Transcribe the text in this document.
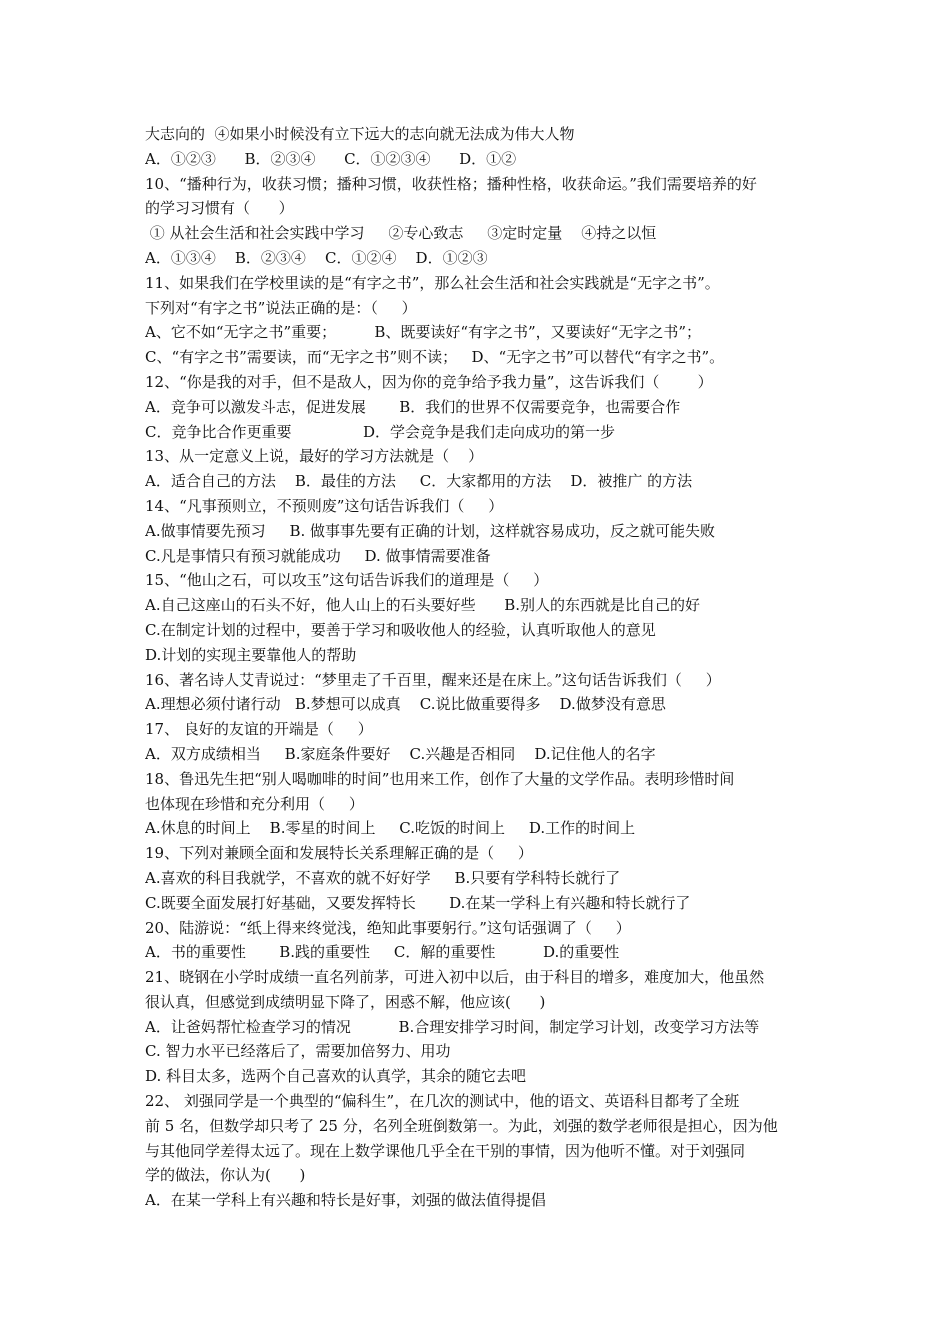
大志向的  ④如果小时候没有立下远大的志向就无法成为伟大人物
A．①②③      B．②③④      C．①②③④      D．①②
10、“播种行为，收获习惯；播种习惯，收获性格；播种性格，收获命运。”我们需要培养的好
的学习习惯有（      ）
① 从社会生活和社会实践中学习     ②专心致志     ③定时定量    ④持之以恒
A．①③④    B．②③④    C．①②④    D．①②③
11、如果我们在学校里读的是“有字之书”，那么社会生活和社会实践就是“无字之书”。
下列对“有字之书”说法正确的是：（     ）
A、它不如“无字之书”重要；        B、既要读好“有字之书”，又要读好“无字之书”；
C、“有字之书”需要读，而“无字之书”则不读；   D、“无字之书”可以替代“有字之书”。
12、“你是我的对手，但不是敌人，因为你的竞争给予我力量”，这告诉我们（        ）
A．竞争可以激发斗志，促进发展       B．我们的世界不仅需要竞争，也需要合作
C．竞争比合作更重要               D．学会竞争是我们走向成功的第一步
13、从一定意义上说，最好的学习方法就是（    ）
A．适合自己的方法    B．最佳的方法     C．大家都用的方法    D．被推广 的方法
14、“凡事预则立，不预则废”这句话告诉我们（     ）
A.做事情要先预习     B. 做事事先要有正确的计划，这样就容易成功，反之就可能失败
C.凡是事情只有预习就能成功     D. 做事情需要准备
15、“他山之石，可以攻玉”这句话告诉我们的道理是（     ）
A.自己这座山的石头不好，他人山上的石头要好些      B.别人的东西就是比自己的好
C.在制定计划的过程中，要善于学习和吸收他人的经验，认真听取他人的意见
D.计划的实现主要靠他人的帮助
16、著名诗人艾青说过：“梦里走了千百里，醒来还是在床上。”这句话告诉我们（     ）
A.理想必须付诸行动   B.梦想可以成真    C.说比做重要得多    D.做梦没有意思
17、 良好的友谊的开端是（     ）
A．双方成绩相当     B.家庭条件要好    C.兴趣是否相同    D.记住他人的名字
18、鲁迅先生把“别人喝咖啡的时间”也用来工作，创作了大量的文学作品。表明珍惜时间
也体现在珍惜和充分利用（     ）
A.休息的时间上    B.零星的时间上     C.吃饭的时间上     D.工作的时间上
19、下列对兼顾全面和发展特长关系理解正确的是（     ）
A.喜欢的科目我就学，不喜欢的就不好好学     B.只要有学科特长就行了
C.既要全面发展打好基础，又要发挥特长       D.在某一学科上有兴趣和特长就行了
20、陆游说：“纸上得来终觉浅，绝知此事要躬行。”这句话强调了（     ）
A．书的重要性       B.践的重要性     C．解的重要性          D.的重要性
21、晓钢在小学时成绩一直名列前茅，可进入初中以后，由于科目的增多，难度加大，他虽然
很认真，但感觉到成绩明显下降了，困惑不解，他应该(      )
A．让爸妈帮忙检查学习的情况          B.合理安排学习时间，制定学习计划，改变学习方法等
C. 智力水平已经落后了，需要加倍努力、用功
D. 科目太多，选两个自己喜欢的认真学，其余的随它去吧
22、 刘强同学是一个典型的“偏科生”，在几次的测试中，他的语文、英语科目都考了全班
前 5 名，但数学却只考了 25 分，名列全班倒数第一。为此，刘强的数学老师很是担心，因为他
与其他同学差得太远了。现在上数学课他几乎全在干别的事情，因为他听不懂。对于刘强同
学的做法，你认为(      )
A．在某一学科上有兴趣和特长是好事，刘强的做法值得提倡
